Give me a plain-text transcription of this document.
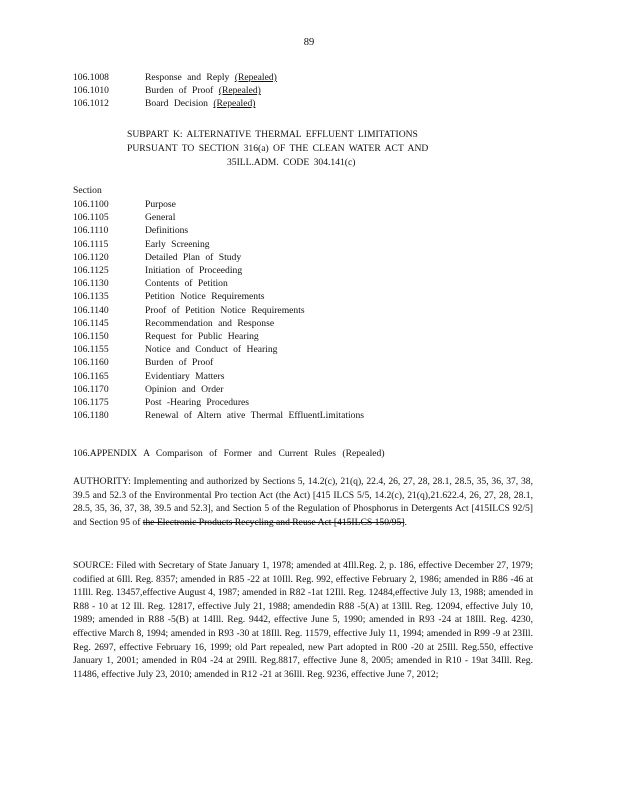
89
106.1008	Response and Reply (Repealed)
106.1010	Burden of Proof (Repealed)
106.1012	Board Decision (Repealed)
SUBPART K: ALTERNATIVE THERMAL EFFLUENT LIMITATIONS
PURSUANT TO SECTION 316(a) OF THE CLEAN WATER ACT AND
35ILL.ADM. CODE 304.141(c)
Section
106.1100	Purpose
106.1105	General
106.1110	Definitions
106.1115	Early Screening
106.1120	Detailed Plan of Study
106.1125	Initiation of Proceeding
106.1130	Contents of Petition
106.1135	Petition Notice Requirements
106.1140	Proof of Petition Notice Requirements
106.1145	Recommendation and Response
106.1150	Request for Public Hearing
106.1155	Notice and Conduct of Hearing
106.1160	Burden of Proof
106.1165	Evidentiary Matters
106.1170	Opinion and Order
106.1175	Post -Hearing Procedures
106.1180	Renewal of Altern ative Thermal EffluentLimitations
106.APPENDIX A Comparison of Former and Current Rules (Repealed)
AUTHORITY: Implementing and authorized by Sections 5, 14.2(c), 21(q), 22.4, 26, 27, 28, 28.1, 28.5, 35, 36, 37, 38, 39.5 and 52.3 of the Environmental Pro tection Act (the Act) [415 ILCS 5/5, 14.2(c), 21(q),21.622.4, 26, 27, 28, 28.1, 28.5, 35, 36, 37, 38, 39.5 and 52.3], and Section 5 of the Regulation of Phosphorus in Detergents Act [415ILCS 92/5] and Section 95 of the Electronic Products Recycling and Reuse Act [415ILCS 150/95].
SOURCE: Filed with Secretary of State January 1, 1978; amended at 4Ill.Reg. 2, p. 186, effective December 27, 1979; codified at 6Ill. Reg. 8357; amended in R85 -22 at 10Ill. Reg. 992, effective February 2, 1986; amended in R86 -46 at 11Ill. Reg. 13457,effective August 4, 1987; amended in R82 -1at 12Ill. Reg. 12484,effective July 13, 1988; amended in R88 - 10 at 12 Ill. Reg. 12817, effective July 21, 1988; amendedin R88 -5(A) at 13Ill. Reg. 12094, effective July 10, 1989; amended in R88 -5(B) at 14Ill. Reg. 9442, effective June 5, 1990; amended in R93 -24 at 18Ill. Reg. 4230, effective March 8, 1994; amended in R93 -30 at 18Ill. Reg. 11579, effective July 11, 1994; amended in R99 -9 at 23Ill. Reg. 2697, effective February 16, 1999; old Part repealed, new Part adopted in R00 -20 at 25Ill. Reg.550, effective January 1, 2001; amended in R04 -24 at 29Ill. Reg.8817, effective June 8, 2005; amended in R10 - 19at 34Ill. Reg. 11486, effective July 23, 2010; amended in R12 -21 at 36Ill. Reg. 9236, effective June 7, 2012;
